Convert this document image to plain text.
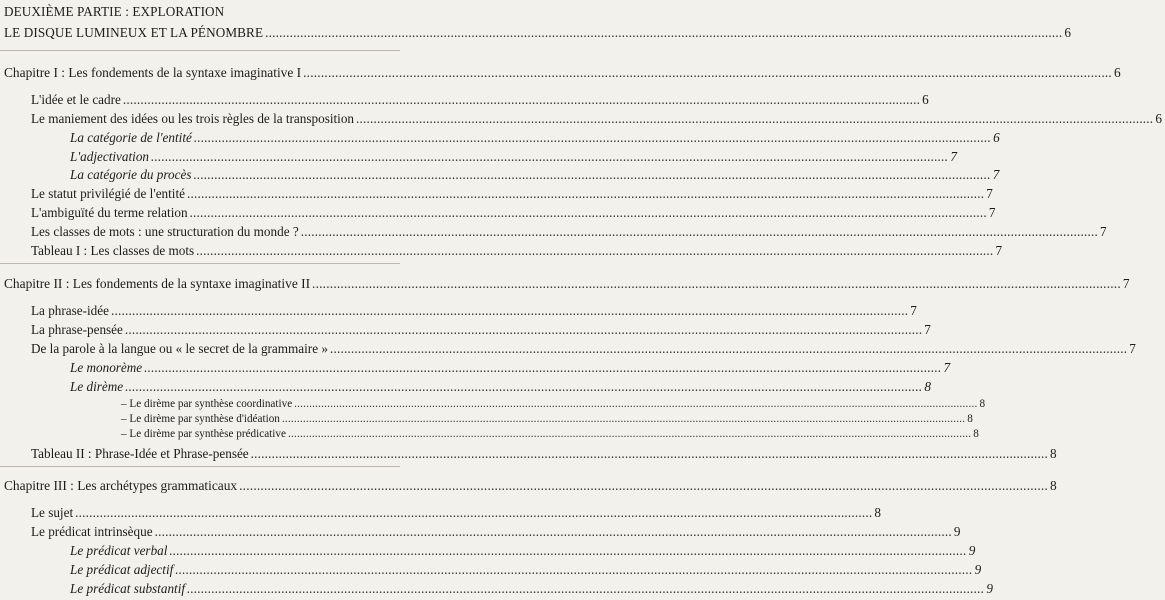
DEUXIÈME PARTIE : EXPLORATION
LE DISQUE LUMINEUX ET LA PÉNOMBRE .....	6
Chapitre I : Les fondements de la syntaxe imaginative I .....	6
L'idée et le cadre .....	6
Le maniement des idées ou les trois règles de la transposition .....	6
La catégorie de l'entité .....	6
L'adjectivation .....	7
La catégorie du procès .....	7
Le statut privilégié de l'entité .....	7
L'ambiguïté du terme relation .....	7
Les classes de mots : une structuration du monde ? .....	7
Tableau I : Les classes de mots .....	7
Chapitre II : Les fondements de la syntaxe imaginative II .....	7
La phrase-idée .....	7
La phrase-pensée .....	7
De la parole à la langue ou « le secret de la grammaire » .....	7
Le monorème .....	7
Le dirème .....	8
– Le dirème par synthèse coordinative .....	8
– Le dirème par synthèse d'idéation .....	8
– Le dirème par synthèse prédicative .....	8
Tableau II : Phrase-Idée et Phrase-pensée .....	8
Chapitre III : Les archétypes grammaticaux .....	8
Le sujet .....	8
Le prédicat intrinsèque .....	9
Le prédicat verbal .....	9
Le prédicat adjectif .....	9
Le prédicat substantif .....	9
